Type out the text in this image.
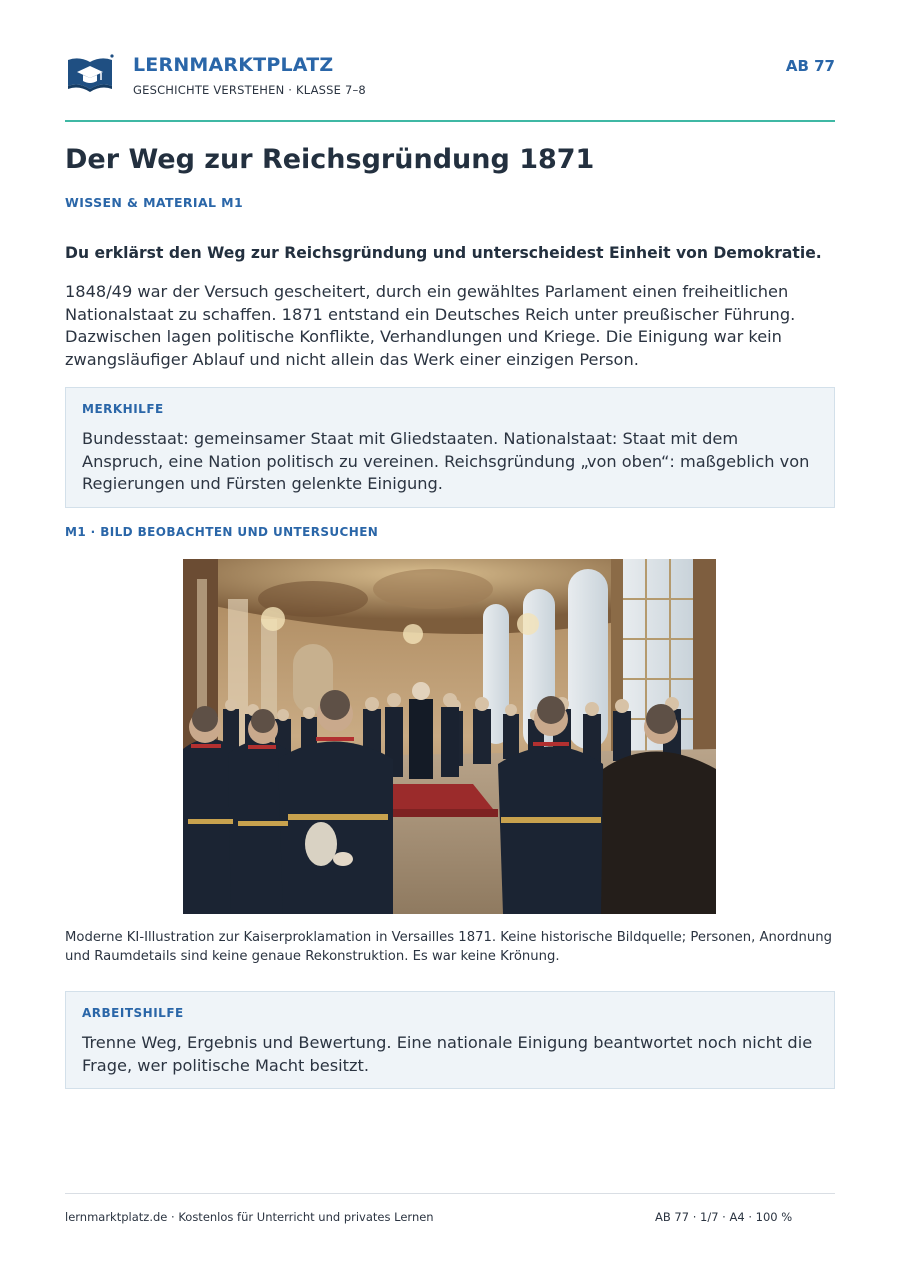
LERNMARKTPLATZ
GESCHICHTE VERSTEHEN · KLASSE 7–8
AB 77
Der Weg zur Reichsgründung 1871
WISSEN & MATERIAL M1

Du erklärst den Weg zur Reichsgründung und unterscheidest Einheit von Demokratie.

1848/49 war der Versuch gescheitert, durch ein gewähltes Parlament einen freiheitlichen Nationalstaat zu schaffen. 1871 entstand ein Deutsches Reich unter preußischer Führung. Dazwischen lagen politische Konflikte, Verhandlungen und Kriege. Die Einigung war kein zwangsläufiger Ablauf und nicht allein das Werk einer einzigen Person.

MERKHILFE

Bundesstaat: gemeinsamer Staat mit Gliedstaaten. Nationalstaat: Staat mit dem Anspruch, eine Nation politisch zu vereinen. Reichsgründung „von oben“: maßgeblich von Regierungen und Fürsten gelenkte Einigung.

M1 · BILD BEOBACHTEN UND UNTERSUCHEN

Moderne KI-Illustration zur Kaiserproklamation in Versailles 1871. Keine historische Bildquelle; Personen, Anordnung und Raumdetails sind keine genaue Rekonstruktion. Es war keine Krönung.

ARBEITSHILFE

Trenne Weg, Ergebnis und Bewertung. Eine nationale Einigung beantwortet noch nicht die Frage, wer politische Macht besitzt.

lernmarktplatz.de · Kostenlos für Unterricht und privates Lernen	AB 77 · 1/7 · A4 · 100 %
